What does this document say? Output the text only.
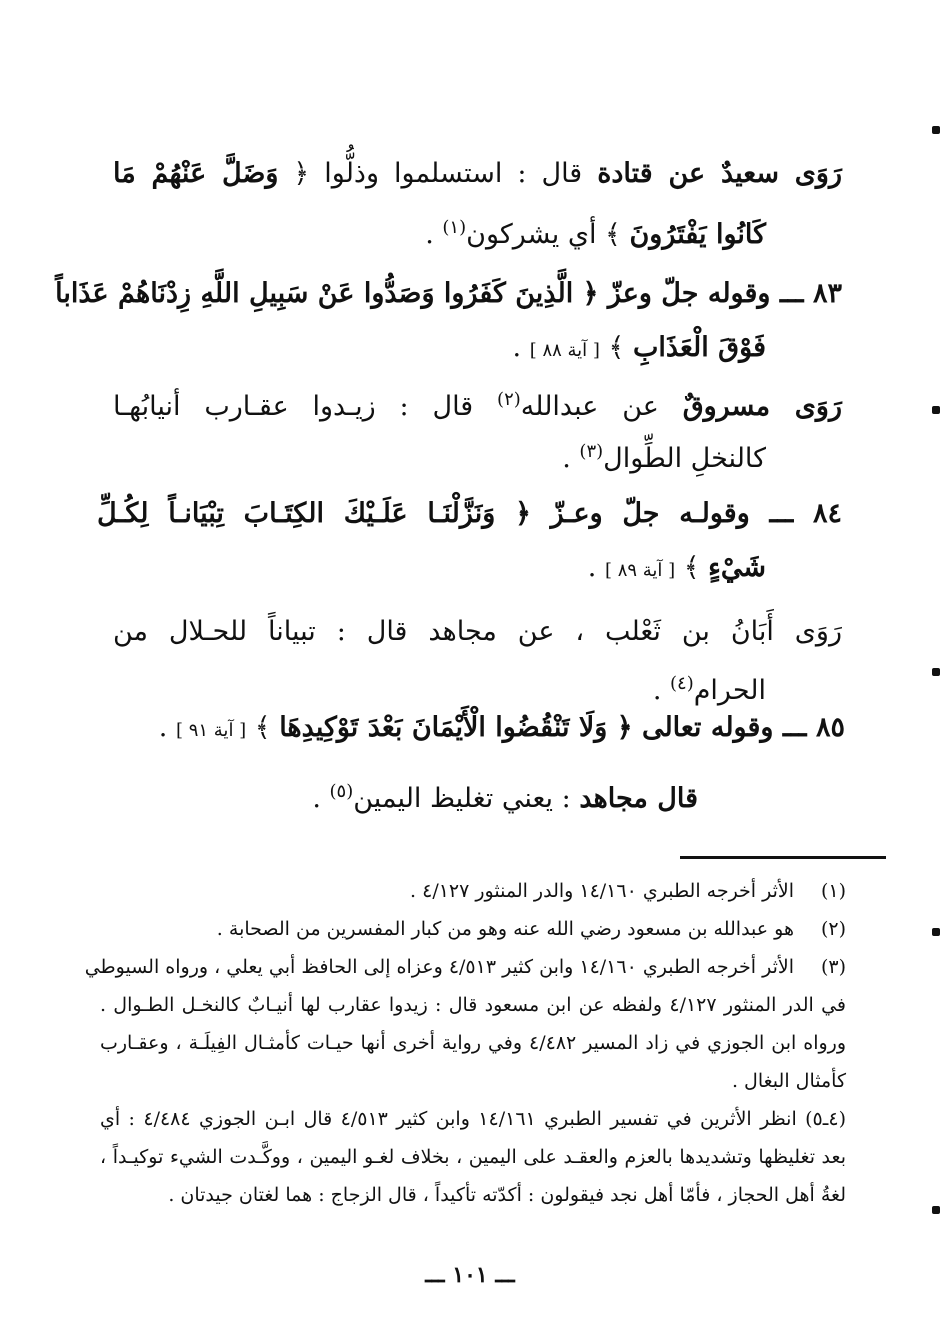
رَوَى سعيدٌ عن قتادة قال : استسلموا وذلُّوا ﴿ وَضَلَّ عَنْهُمْ مَا
كَانُوا يَفْتَرُونَ ﴾ أي يشركون$^{(١)}$ .
٨٣ ـــ وقوله جلّ وعزّ ﴿ الَّذِينَ كَفَرُوا وَصَدُّوا عَنْ سَبِيلِ اللَّهِ زِدْنَاهُمْ عَذَاباً
فَوْقَ الْعَذَابِ ﴾ [ آية ٨٨ ] .
رَوَى مسروقٌ عن عبدالله$^{(٢)}$ قال : زيـدوا عقـارب أنيابُهـا
كالنخلِ الطِّوال$^{(٣)}$ .
٨٤ ـــ وقولـه جلّ وعـزّ ﴿ وَنَزَّلْنَـا عَلَـيْكَ الكِتَـابَ تِبْيَانـاً لِكُـلِّ
شَيْءٍ ﴾ [ آية ٨٩ ] .
رَوَى أَبَانُ بن ثَعْلب ، عن مجاهد قال : تبياناً للحـلال من
الحرام$^{(٤)}$ .
٨٥ ـــ وقوله تعالى ﴿ وَلَا تَنْقُضُوا الْأَيْمَانَ بَعْدَ تَوْكِيدِهَا ﴾ [ آية ٩١ ] .
قال مجاهد : يعني تغليظ اليمين$^{(٥)}$ .
(١)
الأثر أخرجه الطبري ١٤/١٦٠ والدر المنثور ٤/١٢٧ .
(٢)
هو عبدالله بن مسعود رضي الله عنه وهو من كبار المفسرين من الصحابة .
(٣)
الأثر أخرجه الطبري ١٤/١٦٠ وابن كثير ٤/٥١٣ وعزاه إلى الحافظ أبي يعلي ، ورواه السيوطي
في الدر المنثور ٤/١٢٧ ولفظه عن ابن مسعود قال : زيدوا عقارب لها أنيـابٌ كالنخـل الطـوال .
ورواه ابن الجوزي في زاد المسير ٤/٤٨٢ وفي رواية أخرى أنها حيـات كأمثـال الفِيلَـة ، وعقـارب
كأمثال البغال .
(٤ـ٥) انظر الأثرين في تفسير الطبري ١٤/١٦١ وابن كثير ٤/٥١٣ قال ابـن الجوزي ٤/٤٨٤ : أي
بعد تغليظها وتشديدها بالعزم والعقـد على اليمين ، بخلاف لغـو اليمين ، ووكَّـدت الشيء توكيـداً ،
لغةُ أهل الحجاز ، فأمّا أهل نجد فيقولون : أكدّته تأكيداً ، قال الزجاج : هما لغتان جيدتان .
ـــ ١٠١ ـــ
